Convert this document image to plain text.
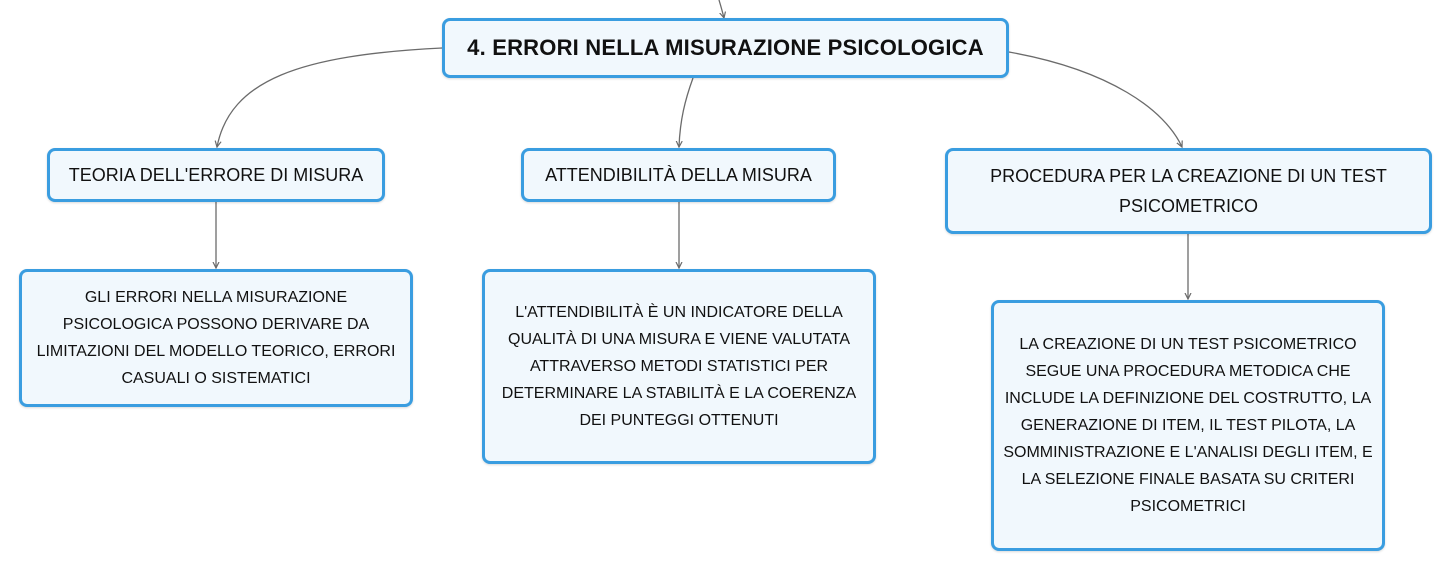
4. ERRORI NELLA MISURAZIONE PSICOLOGICA
TEORIA DELL'ERRORE DI MISURA	ATTENDIBILITÀ DELLA MISURA	PROCEDURA PER LA CREAZIONE DI UN TEST PSICOMETRICO
GLI ERRORI NELLA MISURAZIONE PSICOLOGICA POSSONO DERIVARE DA LIMITAZIONI DEL MODELLO TEORICO, ERRORI CASUALI O SISTEMATICI
L'ATTENDIBILITÀ È UN INDICATORE DELLA QUALITÀ DI UNA MISURA E VIENE VALUTATA ATTRAVERSO METODI STATISTICI PER DETERMINARE LA STABILITÀ E LA COERENZA DEI PUNTEGGI OTTENUTI
LA CREAZIONE DI UN TEST PSICOMETRICO SEGUE UNA PROCEDURA METODICA CHE INCLUDE LA DEFINIZIONE DEL COSTRUTTO, LA GENERAZIONE DI ITEM, IL TEST PILOTA, LA SOMMINISTRAZIONE E L'ANALISI DEGLI ITEM, E LA SELEZIONE FINALE BASATA SU CRITERI PSICOMETRICI
